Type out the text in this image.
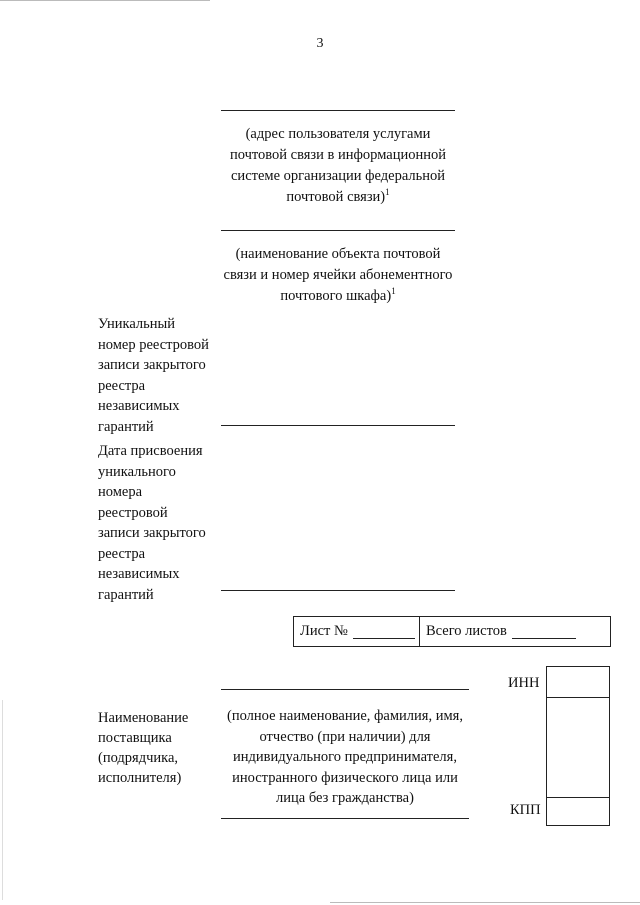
3
(адрес пользователя услугами почтовой связи в информационной системе организации федеральной почтовой связи)$^1$
(наименование объекта почтовой связи и номер ячейки абонементного почтового шкафа)$^1$
Уникальный
номер реестровой
записи закрытого
реестра
независимых
гарантий
Дата присвоения
уникального
номера
реестровой
записи закрытого
реестра
независимых
гарантий
Лист №	Всего листов
Наименование
поставщика
(подрядчика,
исполнителя)
(полное наименование, фамилия, имя, отчество (при наличии) для индивидуального предпринимателя, иностранного физического лица или лица без гражданства)
ИНН
КПП
